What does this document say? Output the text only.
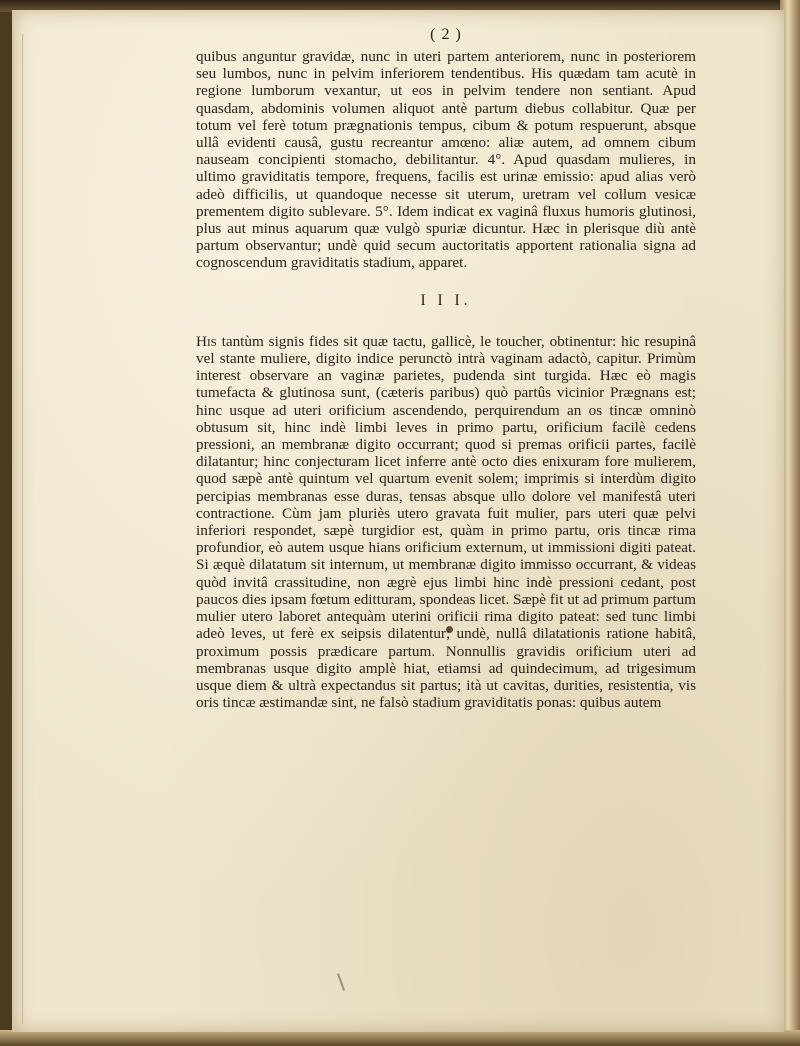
( 2 )

quibus anguntur gravidæ, nunc in uteri partem anteriorem, nunc in posteriorem seu lumbos, nunc in pelvim inferiorem tendentibus. His quædam tam acutè in regione lumborum vexantur, ut eos in pelvim tendere non sentiant. Apud quasdam, abdominis volumen aliquot antè partum diebus collabitur. Quæ per totum vel ferè totum prægnationis tempus, cibum & potum respuerunt, absque ullâ evidenti causâ, gustu recreantur amœno: aliæ autem, ad omnem cibum nauseam concipienti stomacho, debilitantur. 4°. Apud quasdam mulieres, in ultimo graviditatis tempore, frequens, facilis est urinæ emissio: apud alias verò adeò difficilis, ut quandoque necesse sit uterum, uretram vel collum vesicæ prementem digito sublevare. 5°. Idem indicat ex vaginâ fluxus humoris glutinosi, plus aut minus aquarum quæ vulgò spuriæ dicuntur. Hæc in plerisque diù antè partum observantur; undè quid secum auctoritatis apportent rationalia signa ad cognoscendum graviditatis stadium, apparet.

I I I.

His tantùm signis fides sit quæ tactu, gallicè, le toucher, obtinentur: hic resupinâ vel stante muliere, digito indice perunctò intrà vaginam adactò, capitur. Primùm interest observare an vaginæ parietes, pudenda sint turgida. Hæc eò magis tumefacta & glutinosa sunt, (cæteris paribus) quò partûs vicinior Prægnans est; hinc usque ad uteri orificium ascendendo, perquirendum an os tincæ omninò obtusum sit, hinc indè limbi leves in primo partu, orificium facilè cedens pressioni, an membranæ digito occurrant; quod si premas orificii partes, facilè dilatantur; hinc conjecturam licet inferre antè octo dies enixuram fore mulierem, quod sæpè antè quintum vel quartum evenit solem; imprimis si interdùm digito percipias membranas esse duras, tensas absque ullo dolore vel manifestâ uteri contractione. Cùm jam pluriès utero gravata fuit mulier, pars uteri quæ pelvi inferiori respondet, sæpè turgidior est, quàm in primo partu, oris tincæ rima profundior, eò autem usque hians orificium externum, ut immissioni digiti pateat. Si æquè dilatatum sit internum, ut membranæ digito immisso occurrant, & videas quòd invitâ crassitudine, non ægrè ejus limbi hinc indè pressioni cedant, post paucos dies ipsam fœtum editturam, spondeas licet. Sæpè fit ut ad primum partum mulier utero laboret antequàm uterini orificii rima digito pateat: sed tunc limbi adeò leves, ut ferè ex seipsis dilatentur; undè, nullâ dilatationis ratione habitâ, proximum possis prædicare partum. Nonnullis gravidis orificium uteri ad membranas usque digito amplè hiat, etiamsi ad quindecimum, ad trigesimum usque diem & ultrà expectandus sit partus; ità ut cavitas, durities, resistentia, vis oris tincæ æstimandæ sint, ne falsò stadium graviditatis ponas: quibus autem
